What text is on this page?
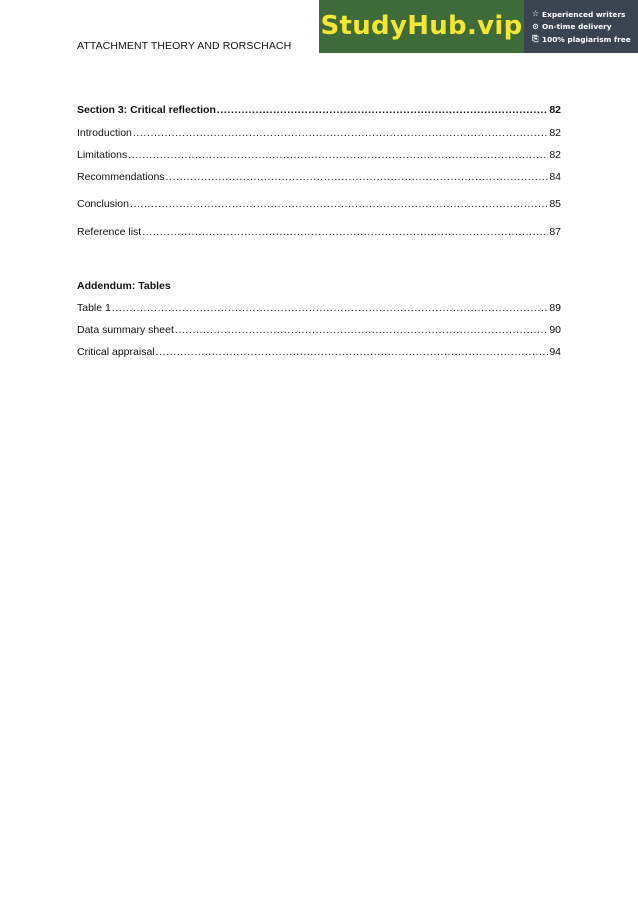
ATTACHMENT THEORY AND RORSCHACH
StudyHub.vip ☆ Experienced writers
⊙ On-time delivery
⎘ 100% plagiarism free
Section 3: Critical reflection .....	82
Introduction .....	82
Limitations .....	82
Recommendations .....	84
Conclusion .....	85
Reference list .....	87
Addendum: Tables
Table 1 .....	89
Data summary sheet .....	90
Critical appraisal .....	94
